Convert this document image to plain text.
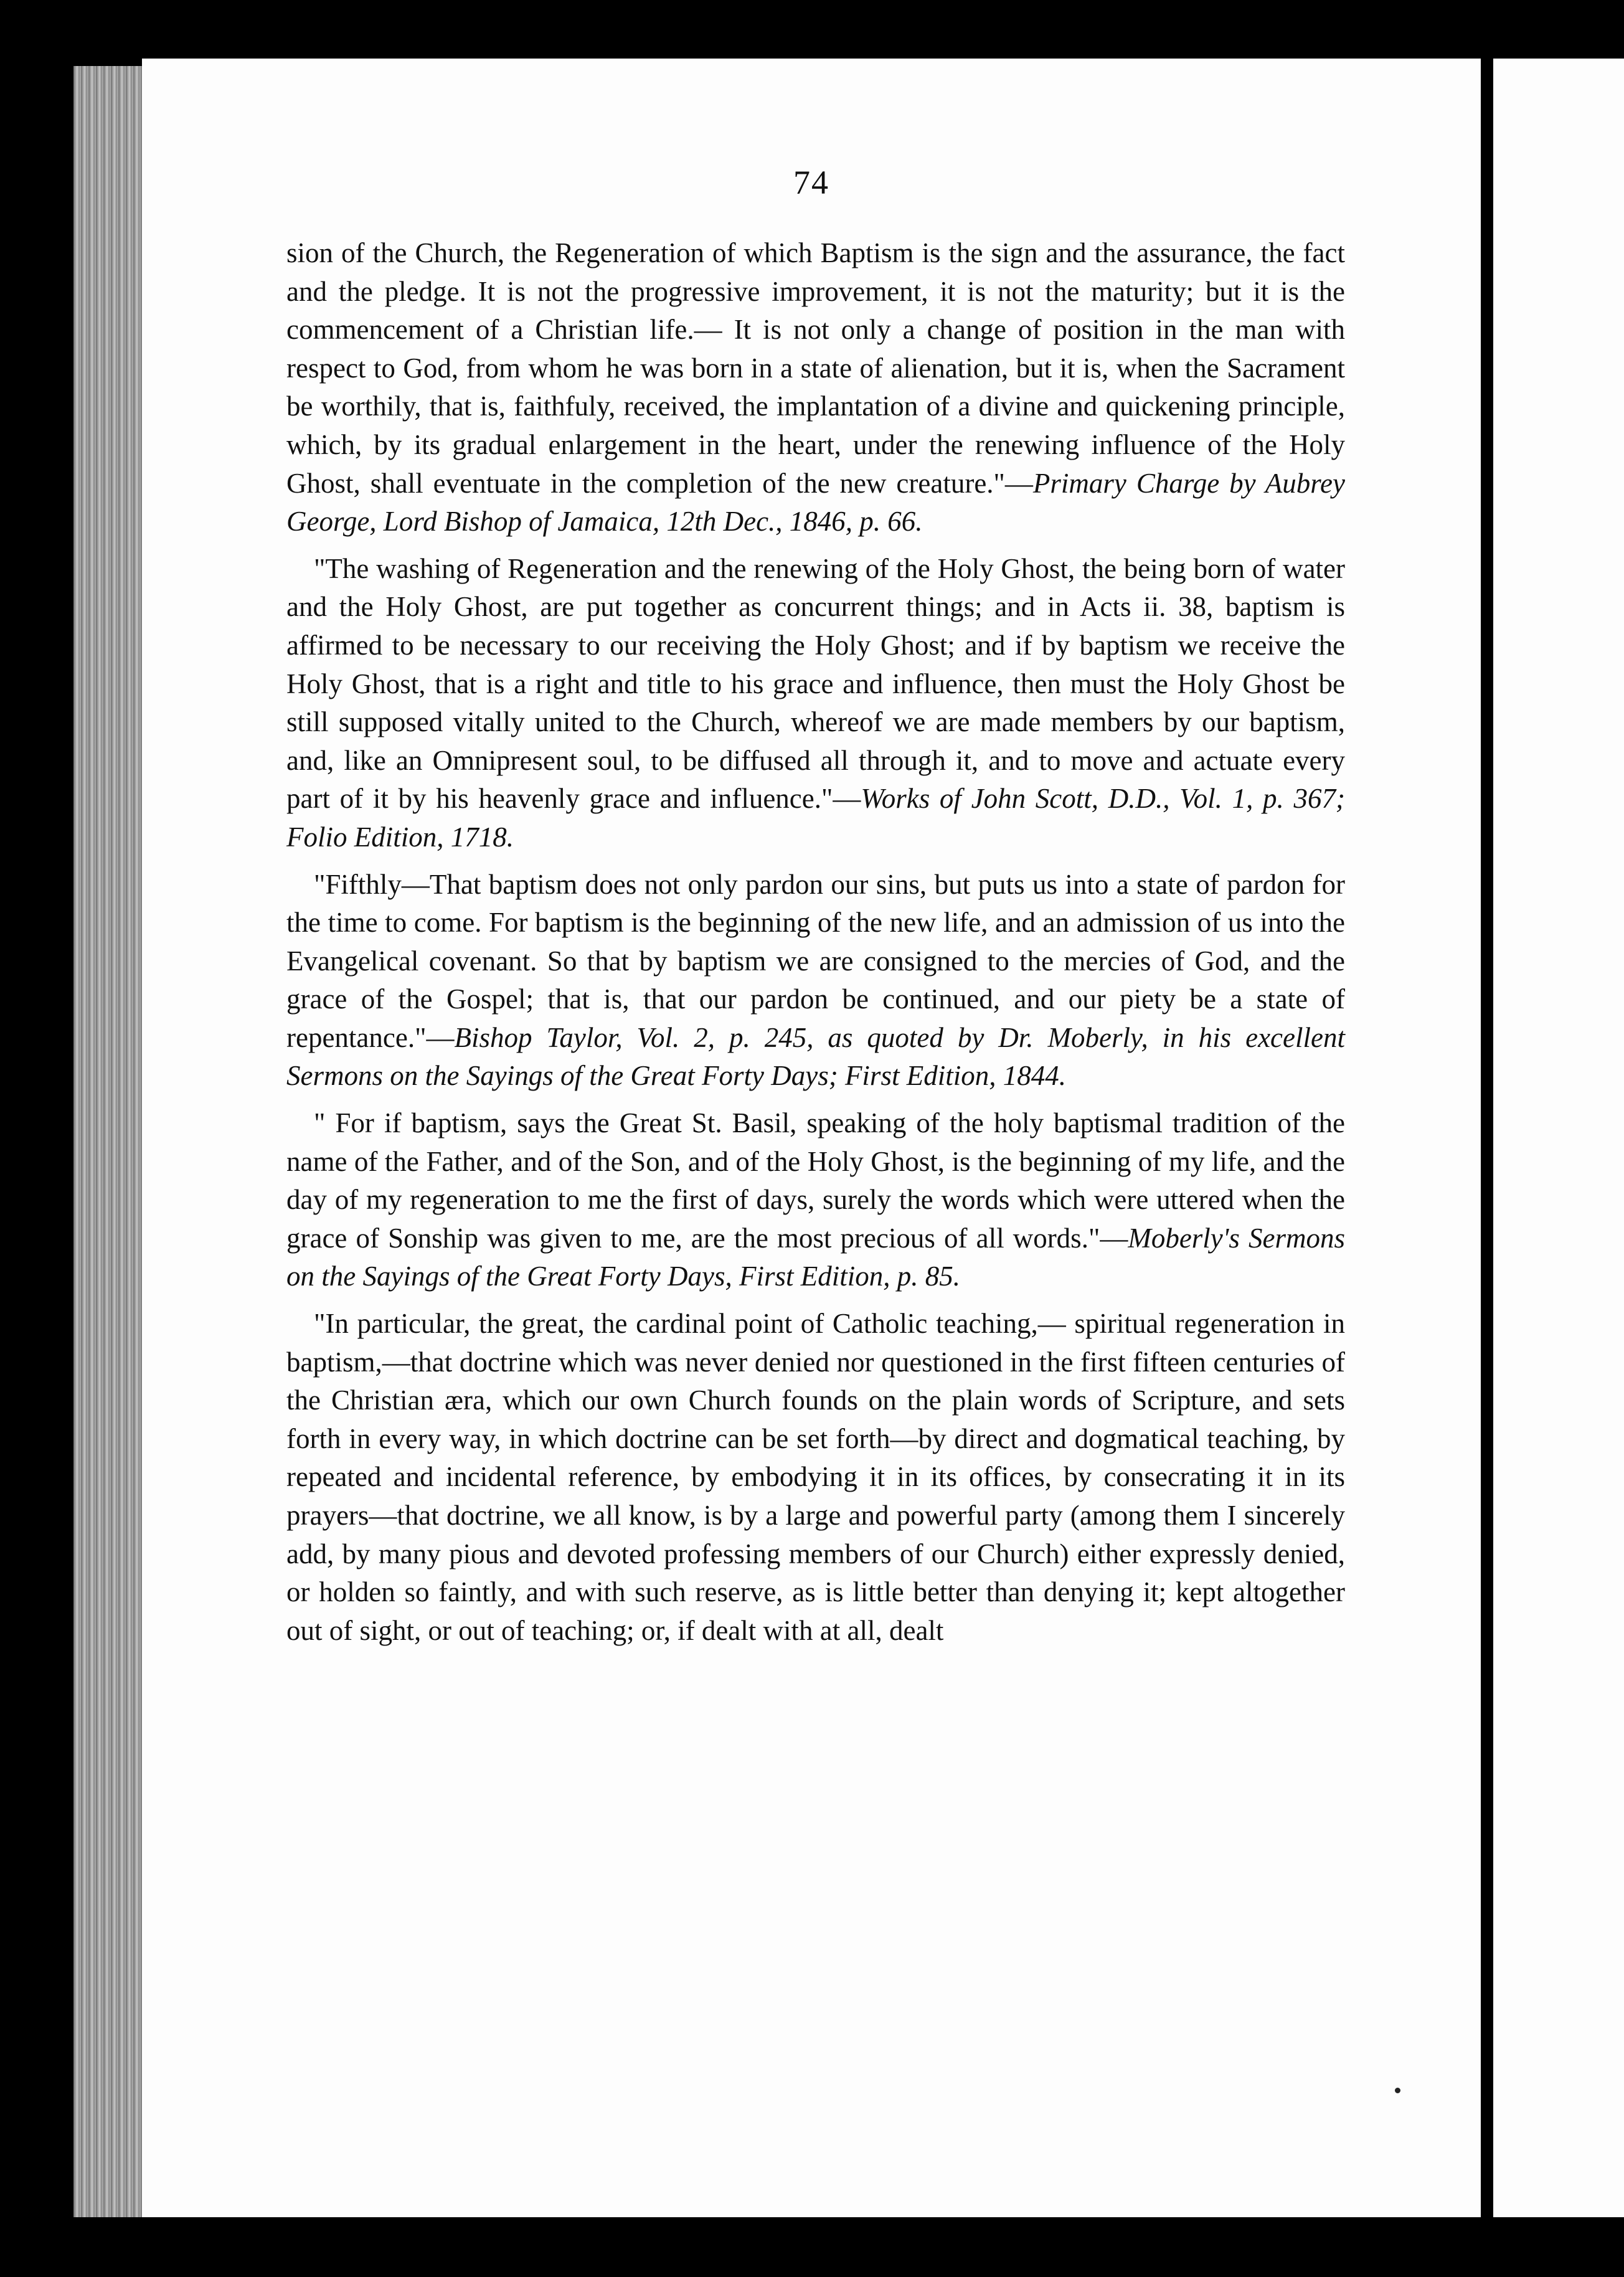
74

sion of the Church, the Regeneration of which Baptism is the sign and the assurance, the fact and the pledge. It is not the progressive improvement, it is not the maturity; but it is the commencement of a Christian life.— It is not only a change of position in the man with respect to God, from whom he was born in a state of alienation, but it is, when the Sacrament be worthily, that is, faithfuly, received, the implantation of a divine and quickening principle, which, by its gradual enlargement in the heart, under the renewing influence of the Holy Ghost, shall eventuate in the completion of the new creature."—Primary Charge by Aubrey George, Lord Bishop of Jamaica, 12th Dec., 1846, p. 66.

"The washing of Regeneration and the renewing of the Holy Ghost, the being born of water and the Holy Ghost, are put together as concurrent things; and in Acts ii. 38, baptism is affirmed to be necessary to our receiving the Holy Ghost; and if by baptism we receive the Holy Ghost, that is a right and title to his grace and influence, then must the Holy Ghost be still supposed vitally united to the Church, whereof we are made members by our baptism, and, like an Omnipresent soul, to be diffused all through it, and to move and actuate every part of it by his heavenly grace and influence."—Works of John Scott, D.D., Vol. 1, p. 367; Folio Edition, 1718.

"Fifthly—That baptism does not only pardon our sins, but puts us into a state of pardon for the time to come. For baptism is the beginning of the new life, and an admission of us into the Evangelical covenant. So that by baptism we are consigned to the mercies of God, and the grace of the Gospel; that is, that our pardon be continued, and our piety be a state of repentance."—Bishop Taylor, Vol. 2, p. 245, as quoted by Dr. Moberly, in his excellent Sermons on the Sayings of the Great Forty Days; First Edition, 1844.

" For if baptism, says the Great St. Basil, speaking of the holy baptismal tradition of the name of the Father, and of the Son, and of the Holy Ghost, is the beginning of my life, and the day of my regeneration to me the first of days, surely the words which were uttered when the grace of Sonship was given to me, are the most precious of all words."—Moberly's Sermons on the Sayings of the Great Forty Days, First Edition, p. 85.

"In particular, the great, the cardinal point of Catholic teaching,— spiritual regeneration in baptism,—that doctrine which was never denied nor questioned in the first fifteen centuries of the Christian æra, which our own Church founds on the plain words of Scripture, and sets forth in every way, in which doctrine can be set forth—by direct and dogmatical teaching, by repeated and incidental reference, by embodying it in its offices, by consecrating it in its prayers—that doctrine, we all know, is by a large and powerful party (among them I sincerely add, by many pious and devoted professing members of our Church) either expressly denied, or holden so faintly, and with such reserve, as is little better than denying it; kept altogether out of sight, or out of teaching; or, if dealt with at all, dealt
